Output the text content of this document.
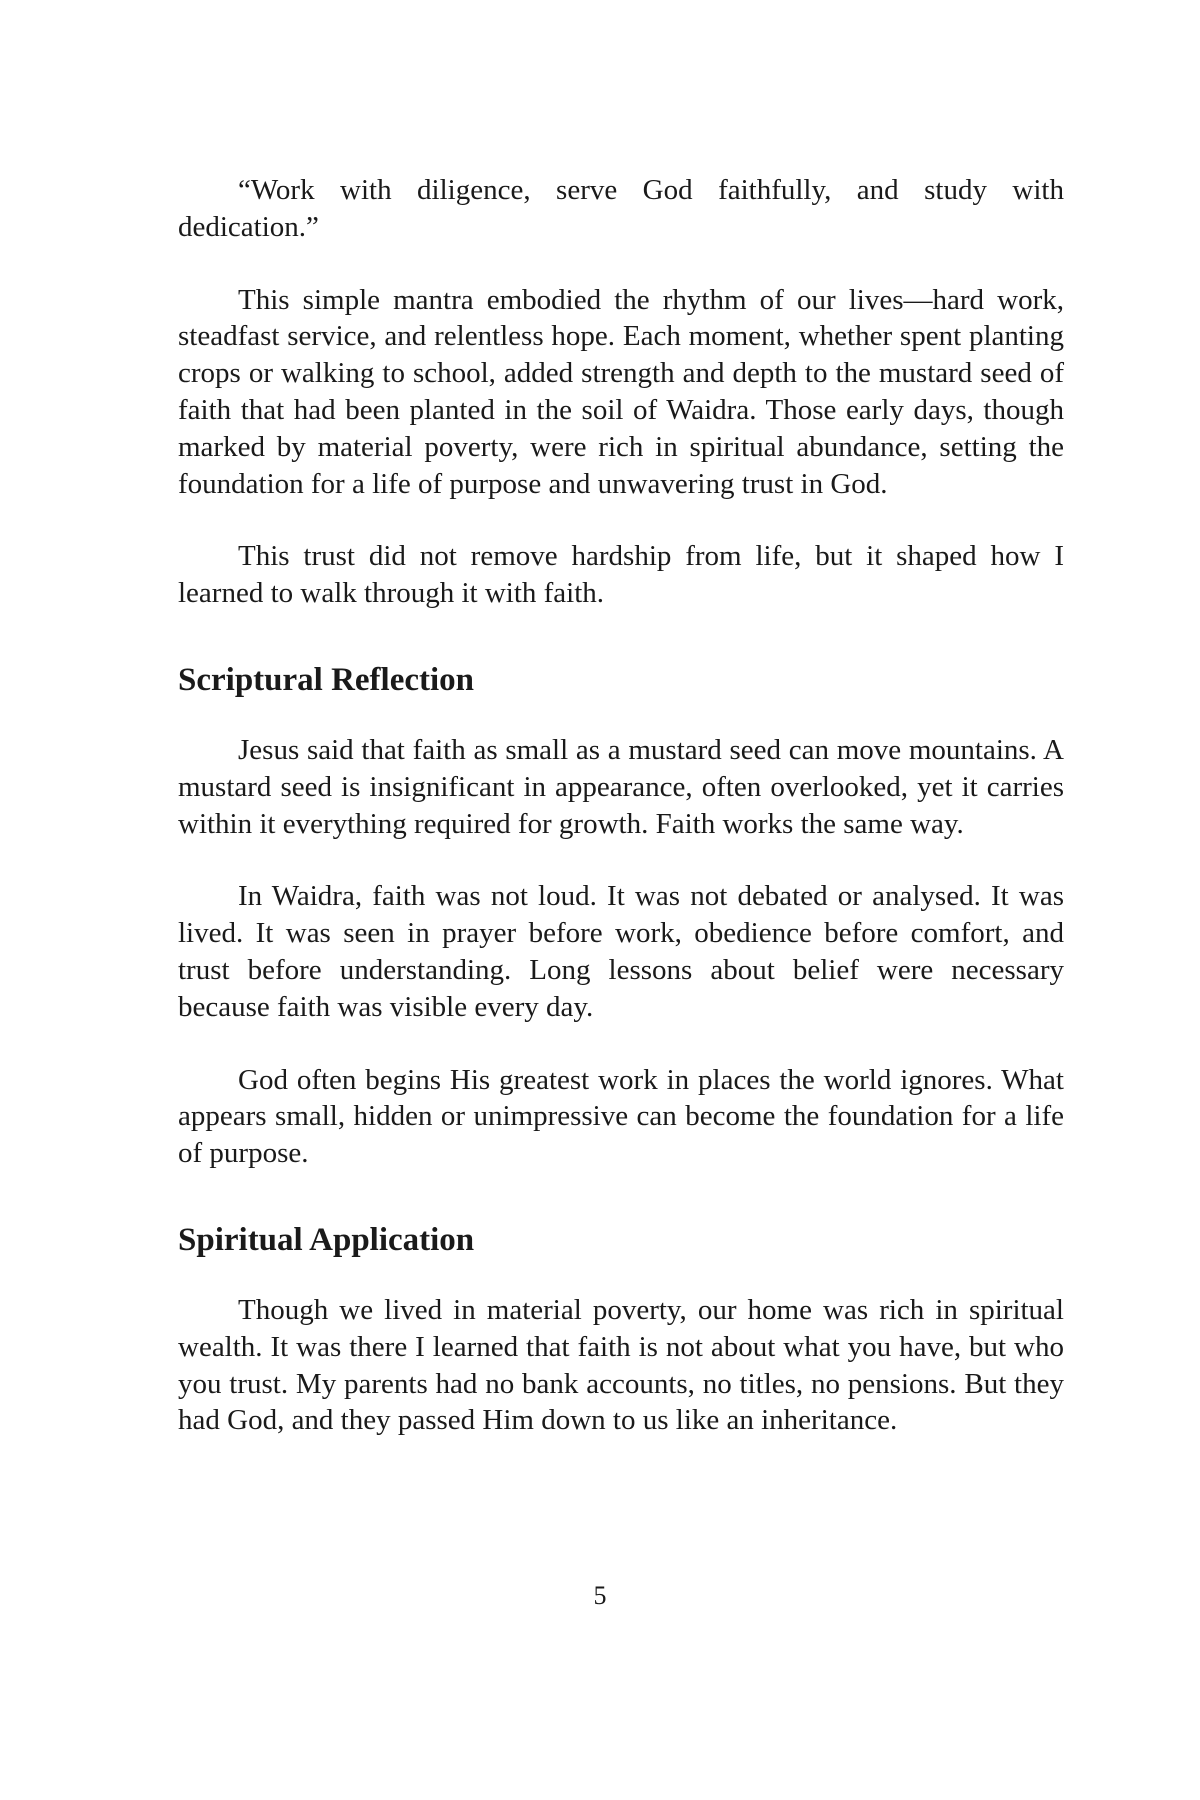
“Work with diligence, serve God faithfully, and study with dedication.”

This simple mantra embodied the rhythm of our lives—hard work, steadfast service, and relentless hope. Each moment, whether spent planting crops or walking to school, added strength and depth to the mustard seed of faith that had been planted in the soil of Waidra. Those early days, though marked by material poverty, were rich in spiritual abundance, setting the foundation for a life of purpose and unwavering trust in God.

This trust did not remove hardship from life, but it shaped how I learned to walk through it with faith.

Scriptural Reflection

Jesus said that faith as small as a mustard seed can move mountains. A mustard seed is insignificant in appearance, often overlooked, yet it carries within it everything required for growth. Faith works the same way.

In Waidra, faith was not loud. It was not debated or analysed. It was lived. It was seen in prayer before work, obedience before comfort, and trust before understanding. Long lessons about belief were necessary because faith was visible every day.

God often begins His greatest work in places the world ignores. What appears small, hidden or unimpressive can become the foundation for a life of purpose.

Spiritual Application

Though we lived in material poverty, our home was rich in spiritual wealth. It was there I learned that faith is not about what you have, but who you trust. My parents had no bank accounts, no titles, no pensions. But they had God, and they passed Him down to us like an inheritance.

5
